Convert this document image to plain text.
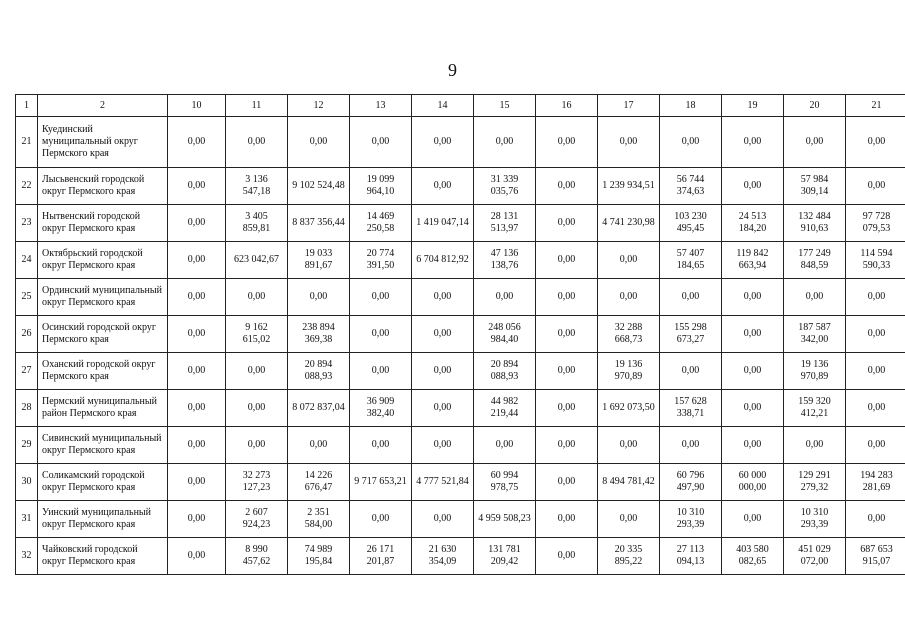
9
1	2	10	11	12	13	14	15	16	17	18	19	20	21
21	Куединский
муниципальный округ
Пермского края	0,00	0,00	0,00	0,00	0,00	0,00	0,00	0,00	0,00	0,00	0,00	0,00
22	Лысьвенский городской
округ Пермского края	0,00	3 136
547,18	9 102 524,48	19 099
964,10	0,00	31 339
035,76	0,00	1 239 934,51	56 744
374,63	0,00	57 984
309,14	0,00
23	Нытвенский городской
округ Пермского края	0,00	3 405
859,81	8 837 356,44	14 469
250,58	1 419 047,14	28 131
513,97	0,00	4 741 230,98	103 230
495,45	24 513
184,20	132 484
910,63	97 728
079,53
24	Октябрьский городской
округ Пермского края	0,00	623 042,67	19 033
891,67	20 774
391,50	6 704 812,92	47 136
138,76	0,00	0,00	57 407
184,65	119 842
663,94	177 249
848,59	114 594
590,33
25	Ординский муниципальный
округ Пермского края	0,00	0,00	0,00	0,00	0,00	0,00	0,00	0,00	0,00	0,00	0,00	0,00
26	Осинский городской округ
Пермского края	0,00	9 162
615,02	238 894
369,38	0,00	0,00	248 056
984,40	0,00	32 288
668,73	155 298
673,27	0,00	187 587
342,00	0,00
27	Оханский городской округ
Пермского края	0,00	0,00	20 894
088,93	0,00	0,00	20 894
088,93	0,00	19 136
970,89	0,00	0,00	19 136
970,89	0,00
28	Пермский муниципальный
район Пермского края	0,00	0,00	8 072 837,04	36 909
382,40	0,00	44 982
219,44	0,00	1 692 073,50	157 628
338,71	0,00	159 320
412,21	0,00
29	Сивинский муниципальный
округ Пермского края	0,00	0,00	0,00	0,00	0,00	0,00	0,00	0,00	0,00	0,00	0,00	0,00
30	Соликамский городской
округ Пермского края	0,00	32 273
127,23	14 226
676,47	9 717 653,21	4 777 521,84	60 994
978,75	0,00	8 494 781,42	60 796
497,90	60 000
000,00	129 291
279,32	194 283
281,69
31	Уинский муниципальный
округ Пермского края	0,00	2 607
924,23	2 351
584,00	0,00	0,00	4 959 508,23	0,00	0,00	10 310
293,39	0,00	10 310
293,39	0,00
32	Чайковский городской
округ Пермского края	0,00	8 990
457,62	74 989
195,84	26 171
201,87	21 630
354,09	131 781
209,42	0,00	20 335
895,22	27 113
094,13	403 580
082,65	451 029
072,00	687 653
915,07
